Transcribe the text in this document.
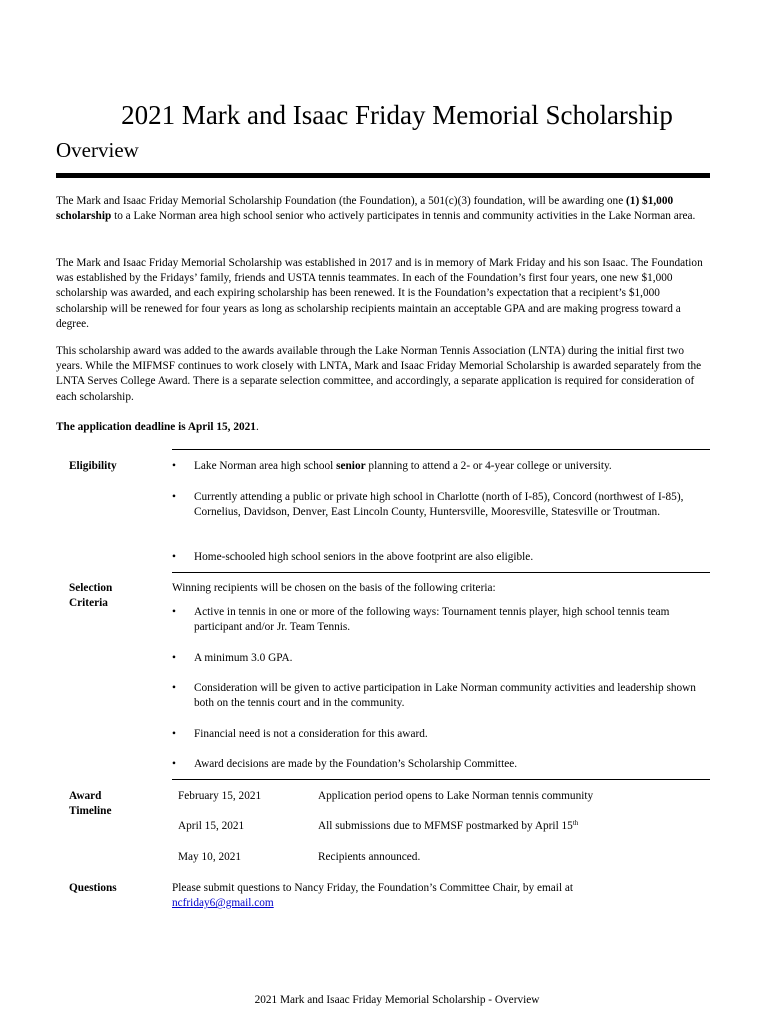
2021 Mark and Isaac Friday Memorial Scholarship
Overview
The Mark and Isaac Friday Memorial Scholarship Foundation (the Foundation), a 501(c)(3) foundation, will be awarding one (1) $1,000 scholarship to a Lake Norman area high school senior who actively participates in tennis and community activities in the Lake Norman area.
The Mark and Isaac Friday Memorial Scholarship was established in 2017 and is in memory of Mark Friday and his son Isaac. The Foundation was established by the Fridays’ family, friends and USTA tennis teammates. In each of the Foundation’s first four years, one new $1,000 scholarship was awarded, and each expiring scholarship has been renewed. It is the Foundation’s expectation that a recipient’s $1,000 scholarship will be renewed for four years as long as scholarship recipients maintain an acceptable GPA and are making progress toward a degree.
This scholarship award was added to the awards available through the Lake Norman Tennis Association (LNTA) during the initial first two years. While the MIFMSF continues to work closely with LNTA, Mark and Isaac Friday Memorial Scholarship is awarded separately from the LNTA Serves College Award. There is a separate selection committee, and accordingly, a separate application is required for consideration of each scholarship.
The application deadline is April 15, 2021.
Eligibility	• Lake Norman area high school senior planning to attend a 2- or 4-year college or university.
• Currently attending a public or private high school in Charlotte (north of I-85), Concord (northwest of I-85), Cornelius, Davidson, Denver, East Lincoln County, Huntersville, Mooresville, Statesville or Troutman.
• Home-schooled high school seniors in the above footprint are also eligible.
Selection
Criteria
Winning recipients will be chosen on the basis of the following criteria:
• Active in tennis in one or more of the following ways: Tournament tennis player, high school tennis team participant and/or Jr. Team Tennis.
• A minimum 3.0 GPA.
• Consideration will be given to active participation in Lake Norman community activities and leadership shown both on the tennis court and in the community.
• Financial need is not a consideration for this award.
• Award decisions are made by the Foundation’s Scholarship Committee.
Award
Timeline
February 15, 2021	Application period opens to Lake Norman tennis community
April 15, 2021	All submissions due to MFMSF postmarked by April 15th
May 10, 2021	Recipients announced.
Questions	Please submit questions to Nancy Friday, the Foundation’s Committee Chair, by email at
ncfriday6@gmail.com
2021 Mark and Isaac Friday Memorial Scholarship - Overview
